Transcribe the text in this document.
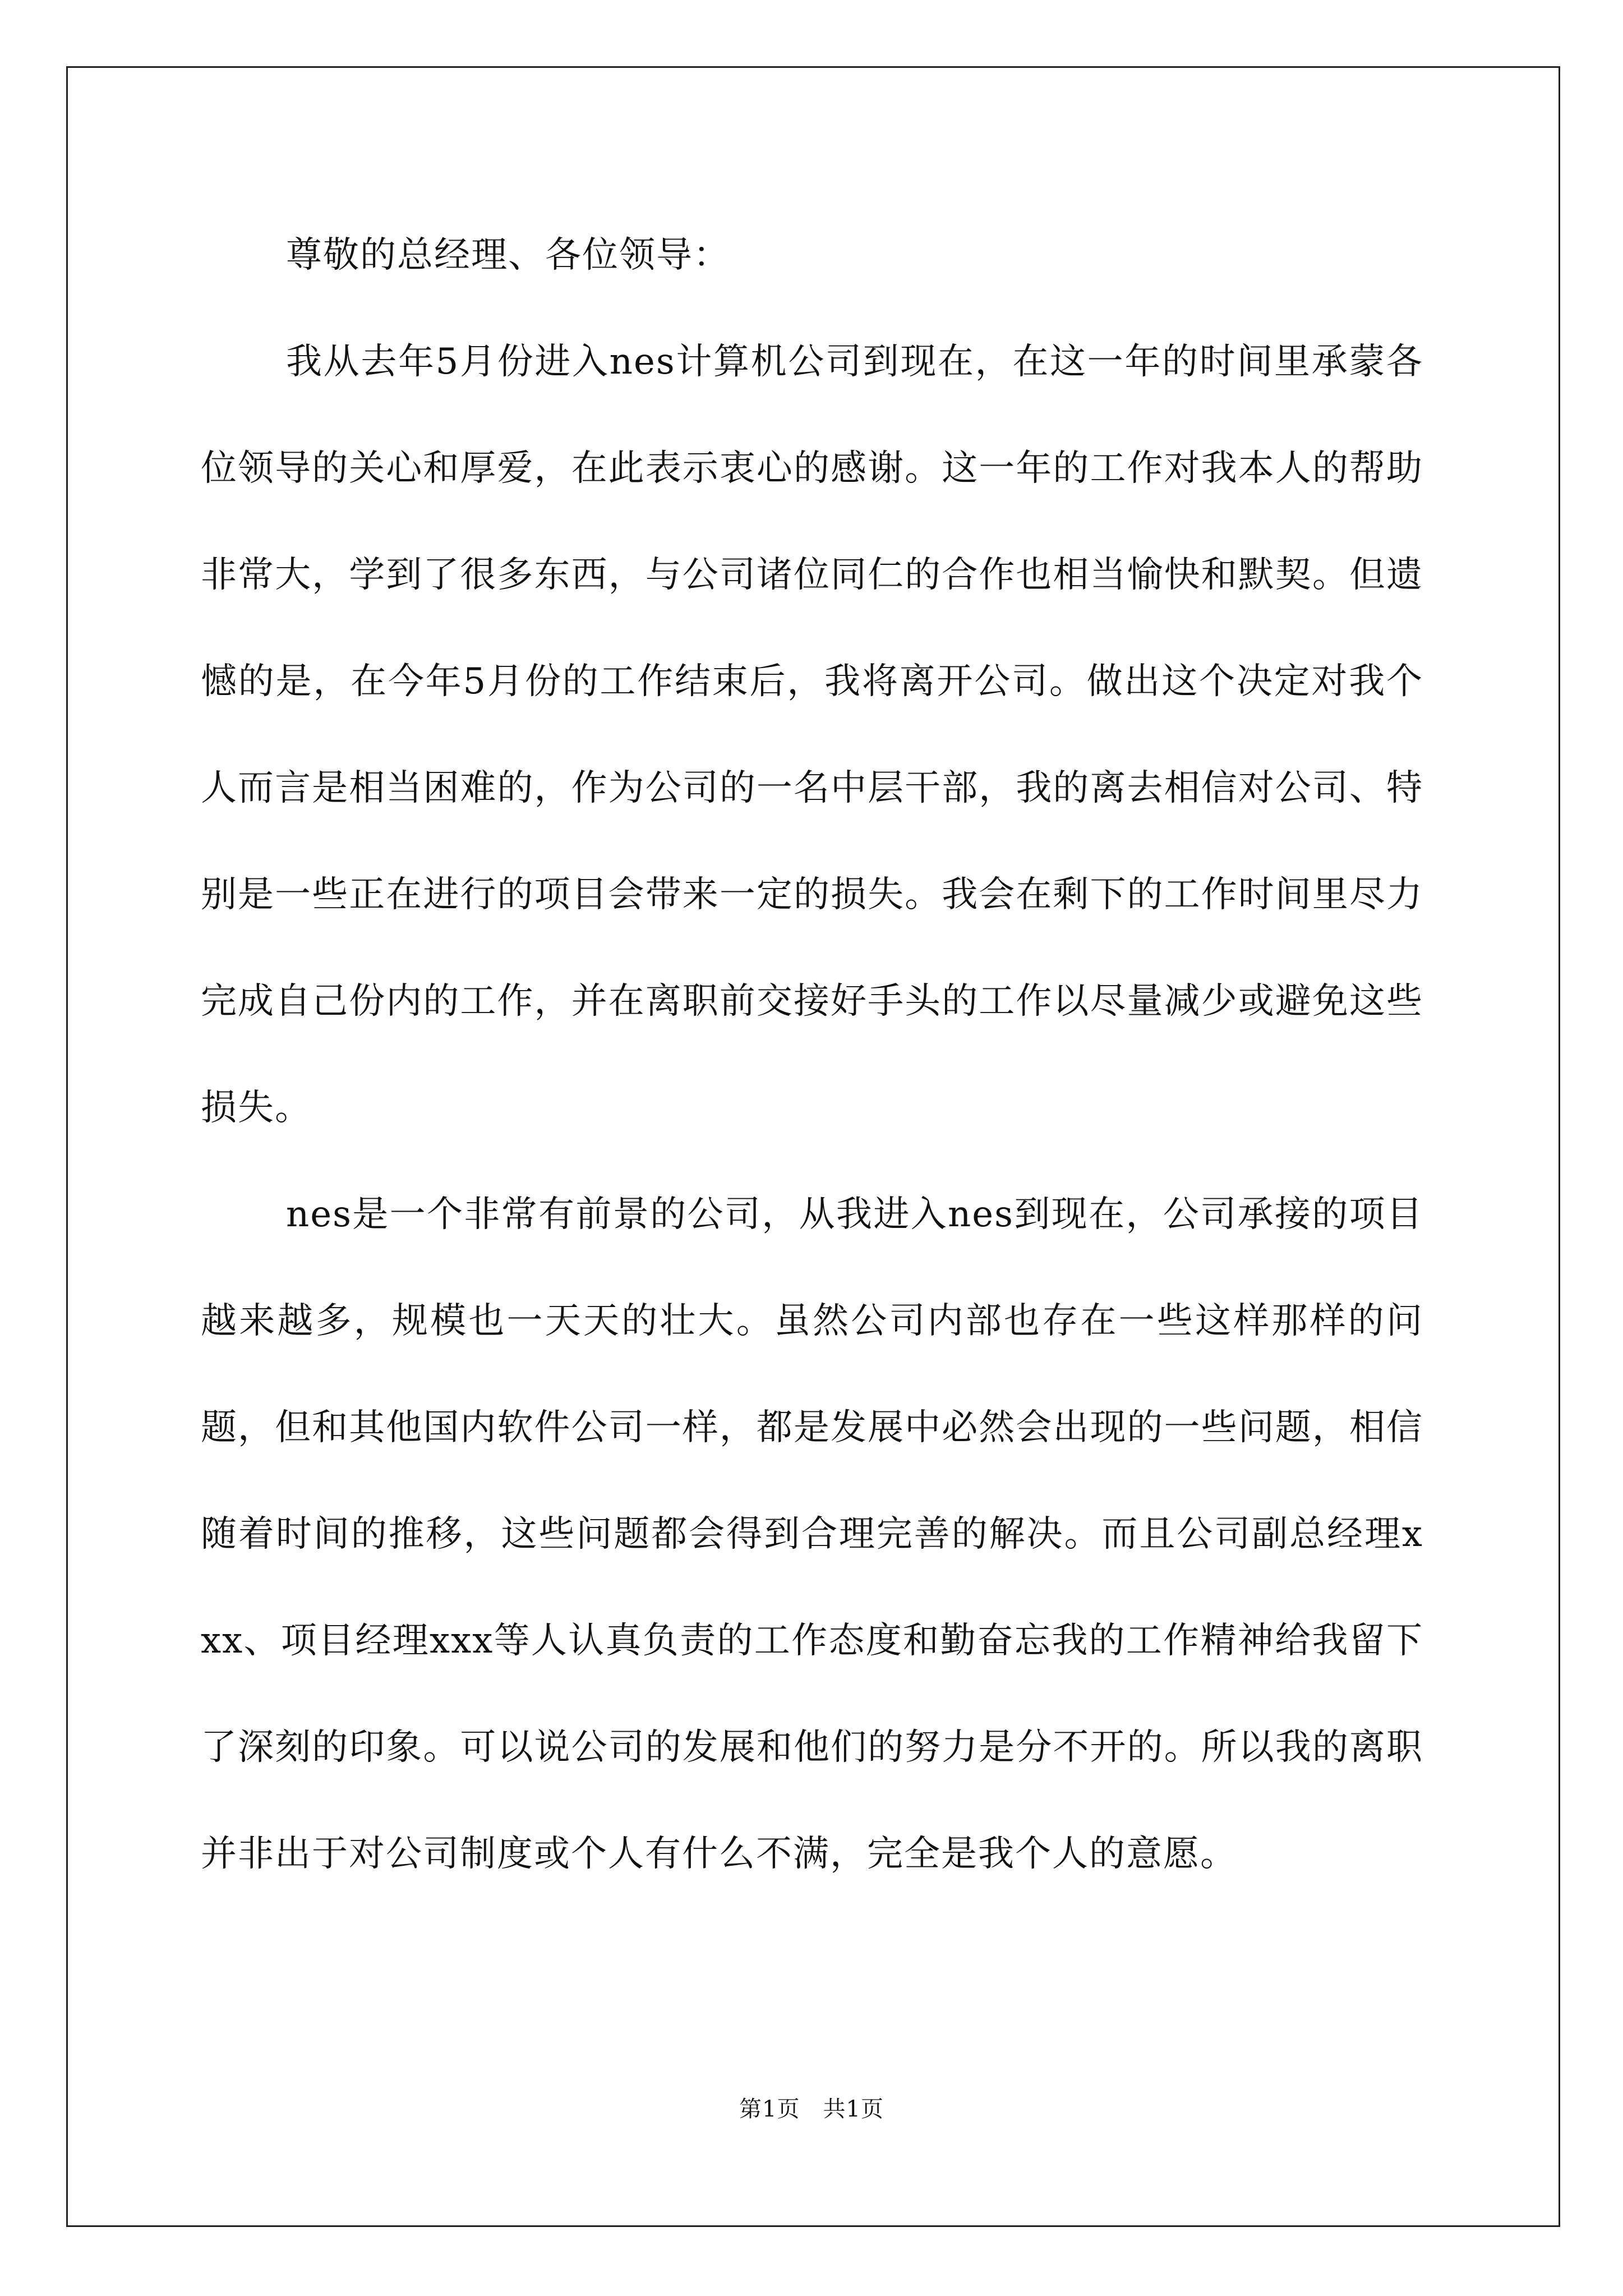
尊敬的总经理、各位领导：

我从去年5月份进入nes计算机公司到现在，在这一年的时间里承蒙各位领导的关心和厚爱，在此表示衷心的感谢。这一年的工作对我本人的帮助非常大，学到了很多东西，与公司诸位同仁的合作也相当愉快和默契。但遗憾的是，在今年5月份的工作结束后，我将离开公司。做出这个决定对我个人而言是相当困难的，作为公司的一名中层干部，我的离去相信对公司、特别是一些正在进行的项目会带来一定的损失。我会在剩下的工作时间里尽力完成自己份内的工作，并在离职前交接好手头的工作以尽量减少或避免这些损失。

nes是一个非常有前景的公司，从我进入nes到现在，公司承接的项目越来越多，规模也一天天的壮大。虽然公司内部也存在一些这样那样的问题，但和其他国内软件公司一样，都是发展中必然会出现的一些问题，相信随着时间的推移，这些问题都会得到合理完善的解决。而且公司副总经理xxx、项目经理xxx等人认真负责的工作态度和勤奋忘我的工作精神给我留下了深刻的印象。可以说公司的发展和他们的努力是分不开的。所以我的离职并非出于对公司制度或个人有什么不满，完全是我个人的意愿。

第1页　共1页
